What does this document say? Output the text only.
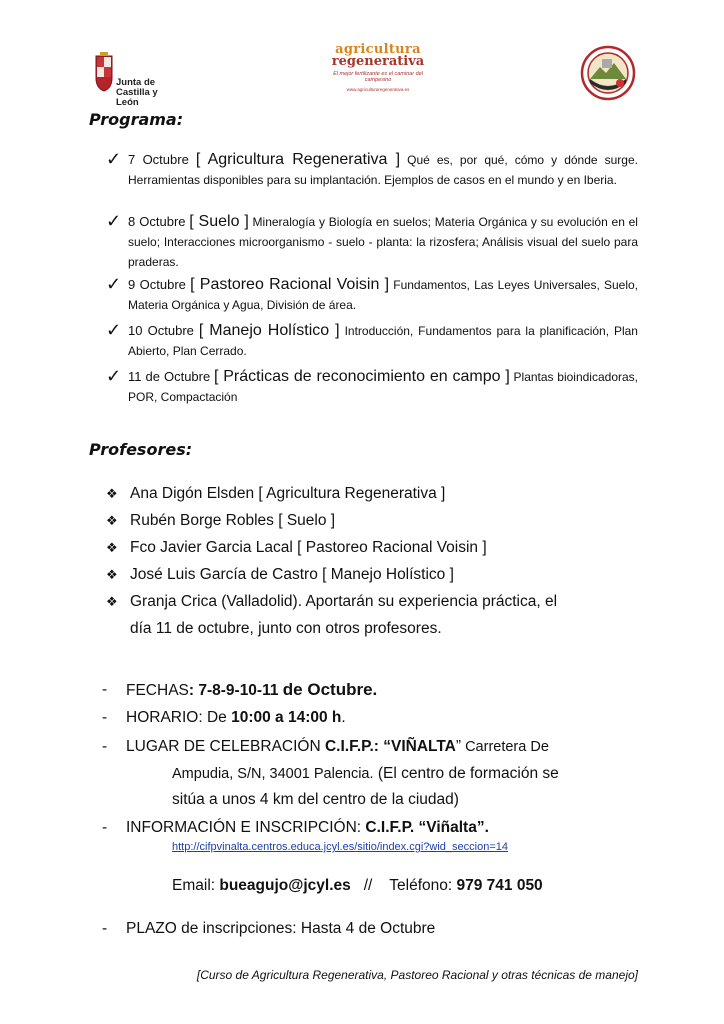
Junta de
Castilla y León
agricultura
regenerativa
El mejor fertilizante es el caminar del campesino
www.agriculturaregenerativa.es
Programa:
✓ 7 Octubre [ Agricultura Regenerativa ] Qué es, por qué, cómo y dónde surge. Herramientas disponibles para su implantación. Ejemplos de casos en el mundo y en Iberia.
✓ 8 Octubre [ Suelo ] Mineralogía y Biología en suelos; Materia Orgánica y su evolución en el suelo; Interacciones microorganismo - suelo - planta: la rizosfera; Análisis visual del suelo para praderas.
✓ 9 Octubre [ Pastoreo Racional Voisin ] Fundamentos, Las Leyes Universales, Suelo, Materia Orgánica y Agua, División de área.
✓ 10 Octubre [ Manejo Holístico ] Introducción, Fundamentos para la planificación, Plan Abierto, Plan Cerrado.
✓ 11 de Octubre [ Prácticas de reconocimiento en campo ] Plantas bioindicadoras, POR, Compactación
Profesores:
❖ Ana Digón Elsden [ Agricultura Regenerativa ]
❖ Rubén Borge Robles [ Suelo ]
❖ Fco Javier Garcia Lacal [ Pastoreo Racional Voisin ]
❖ José Luis García de Castro [ Manejo Holístico ]
❖ Granja Crica (Valladolid). Aportarán su experiencia práctica, el
día 11 de octubre, junto con otros profesores.
- FECHAS: 7-8-9-10-11 de Octubre.
- HORARIO: De 10:00 a 14:00 h.
- LUGAR DE CELEBRACIÓN C.I.F.P.: “VIÑALTA” Carretera De
Ampudia, S/N, 34001 Palencia. (El centro de formación se
sitúa a unos 4 km del centro de la ciudad)
- INFORMACIÓN E INSCRIPCIÓN: C.I.F.P. “Viñalta”.
http://cifpvinalta.centros.educa.jcyl.es/sitio/index.cgi?wid_seccion=14
Email: bueagujo@jcyl.es   //    Teléfono: 979 741 050
- PLAZO de inscripciones: Hasta 4 de Octubre
[Curso de Agricultura Regenerativa, Pastoreo Racional y otras técnicas de manejo]
